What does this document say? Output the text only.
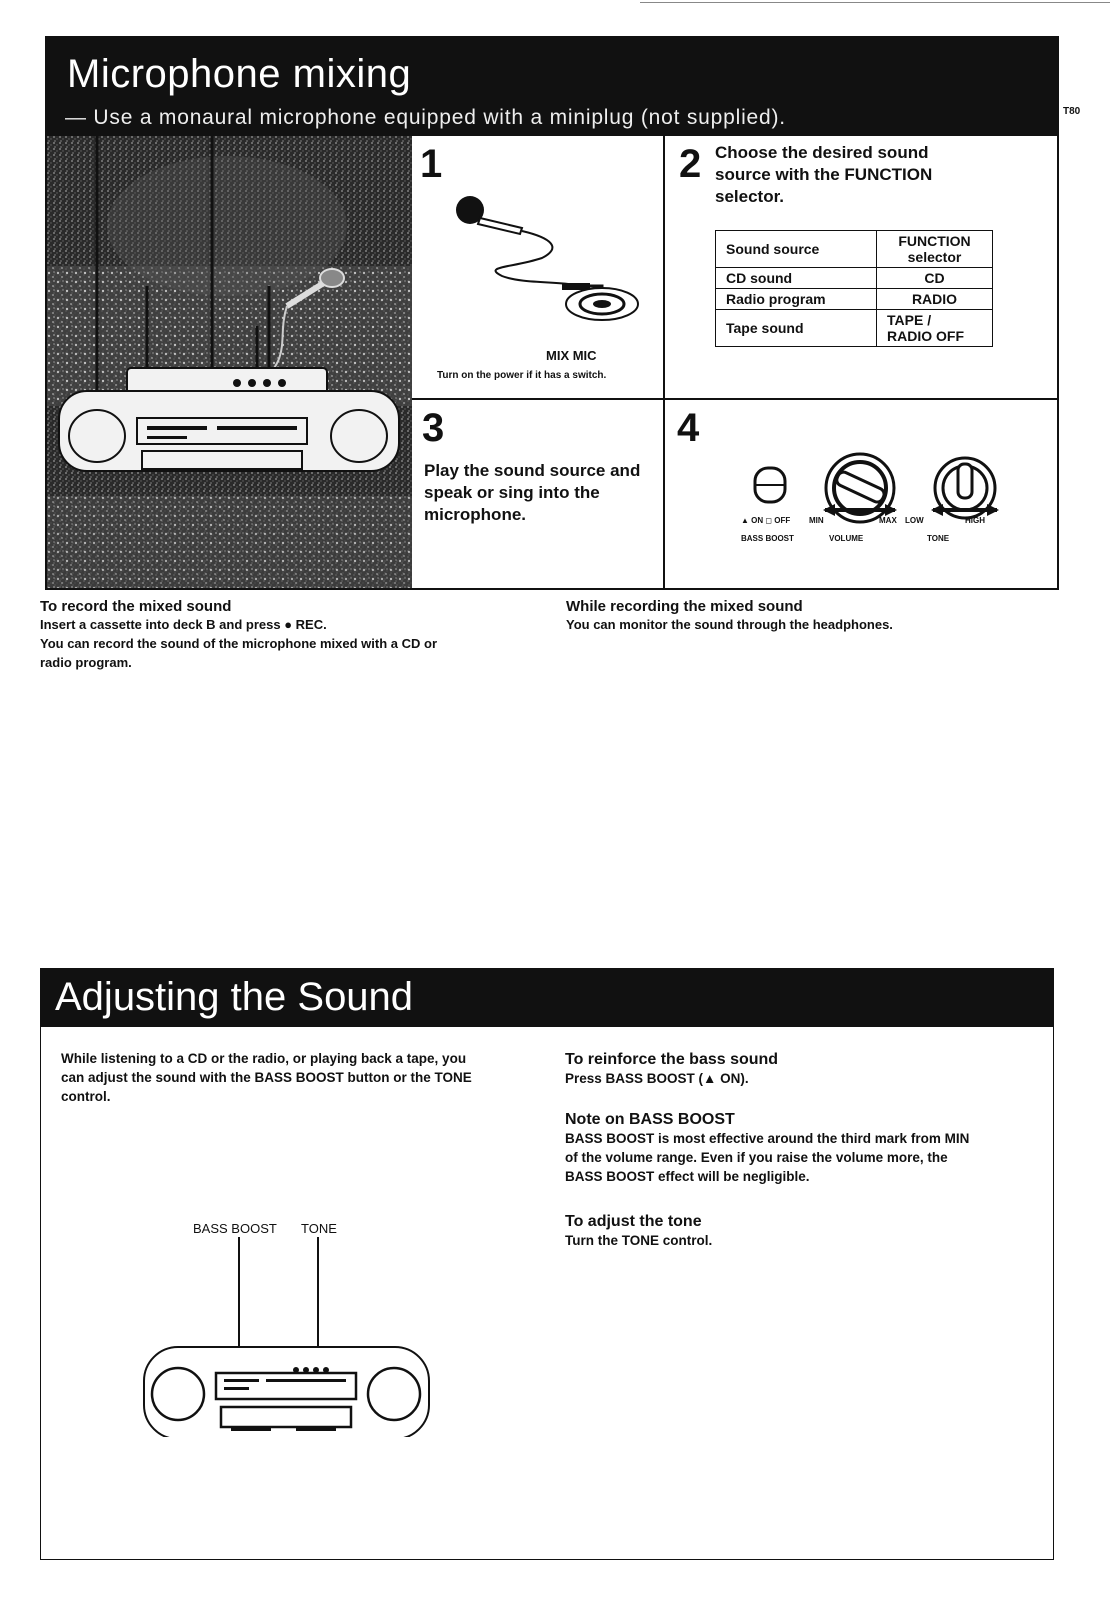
T80
Microphone mixing
— Use a monaural microphone equipped with a miniplug (not supplied).
1
MIX MIC
Turn on the power if it has a switch.
2 Choose the desired sound
source with the FUNCTION
selector.
Sound source	FUNCTION
selector

CD sound	CD
Radio program	RADIO
Tape sound	TAPE /
RADIO OFF
3
Play the sound source and
speak or sing into the
microphone.
4
▲ ON ◻ OFF MIN	MAX LOW	HIGH
BASS BOOST	VOLUME	TONE
To record the mixed sound
Insert a cassette into deck B and press ● REC.
You can record the sound of the microphone mixed with a CD or
radio program.
While recording the mixed sound
You can monitor the sound through the headphones.
Adjusting the Sound
While listening to a CD or the radio, or playing back a tape, you
can adjust the sound with the BASS BOOST button or the TONE
control.
BASS BOOST TONE
To reinforce the bass sound
Press BASS BOOST (▲ ON).
Note on BASS BOOST
BASS BOOST is most effective around the third mark from MIN
of the volume range. Even if you raise the volume more, the
BASS BOOST effect will be negligible.
To adjust the tone
Turn the TONE control.
